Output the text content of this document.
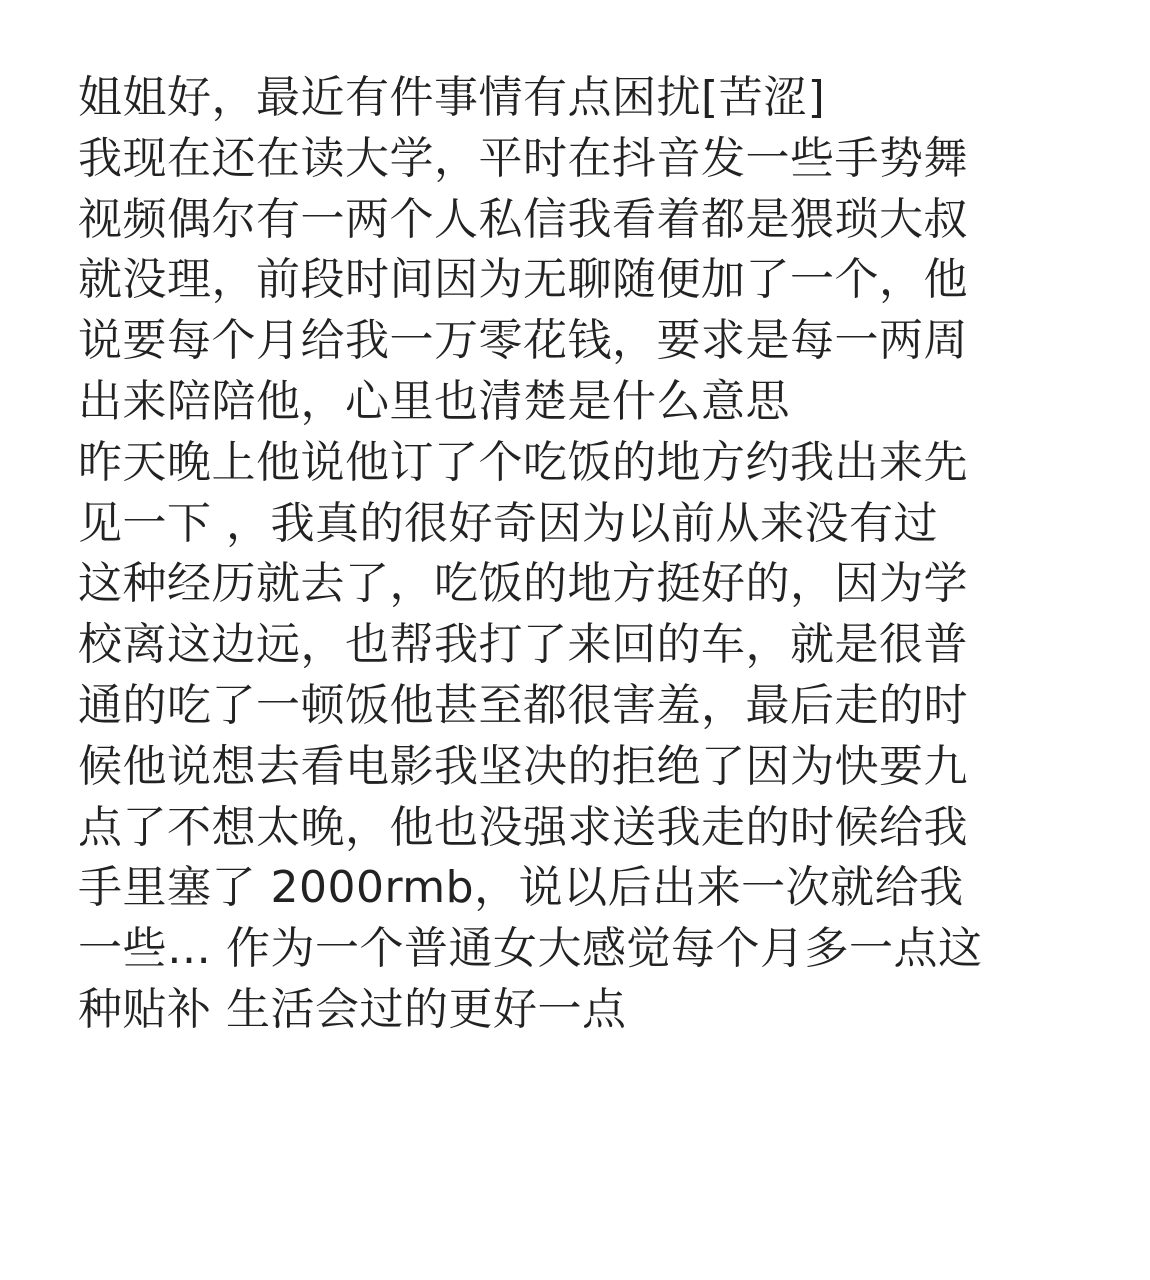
姐姐好，最近有件事情有点困扰[苦涩]
我现在还在读大学，平时在抖音发一些手势舞
视频偶尔有一两个人私信我看着都是猥琐大叔
就没理，前段时间因为无聊随便加了一个，他
说要每个月给我一万零花钱，要求是每一两周
出来陪陪他，心里也清楚是什么意思
昨天晚上他说他订了个吃饭的地方约我出来先
见一下 ，我真的很好奇因为以前从来没有过
这种经历就去了，吃饭的地方挺好的，因为学
校离这边远，也帮我打了来回的车，就是很普
通的吃了一顿饭他甚至都很害羞，最后走的时
候他说想去看电影我坚决的拒绝了因为快要九
点了不想太晚，他也没强求送我走的时候给我
手里塞了 2000rmb，说以后出来一次就给我
一些… 作为一个普通女大感觉每个月多一点这
种贴补 生活会过的更好一点
